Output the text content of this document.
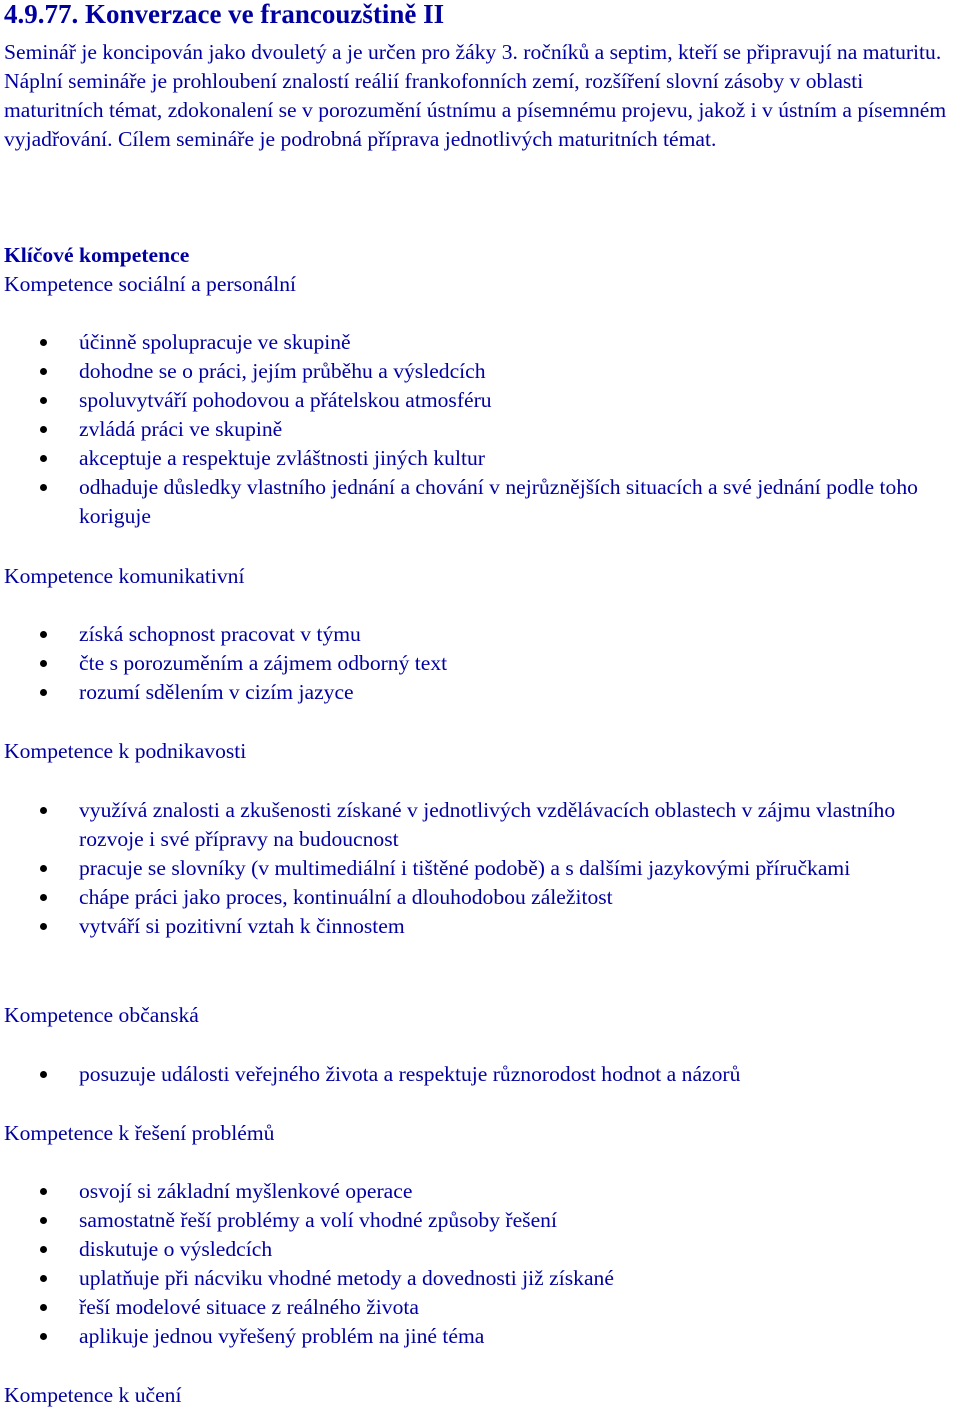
4.9.77. Konverzace ve francouzštině II

Seminář je koncipován jako dvouletý a je určen pro žáky 3. ročníků a septim, kteří se připravují na maturitu.

Náplní semináře je prohloubení znalostí reálií frankofonních zemí, rozšíření slovní zásoby v oblasti maturitních témat, zdokonalení se v porozumění ústnímu a písemnému projevu, jakož i v ústním a písemném vyjadřování. Cílem semináře je podrobná příprava jednotlivých maturitních témat.

Klíčové kompetence
Kompetence sociální a personální
účinně spolupracuje ve skupině
dohodne se o práci, jejím průběhu a výsledcích
spoluvytváří pohodovou a přátelskou atmosféru
zvládá práci ve skupině
akceptuje a respektuje zvláštnosti jiných kultur
odhaduje důsledky vlastního jednání a chování v nejrůznějších situacích a své jednání podle toho koriguje
Kompetence komunikativní
získá schopnost pracovat v týmu
čte s porozuměním a zájmem odborný text
rozumí sdělením v cizím jazyce
Kompetence k podnikavosti
využívá znalosti a zkušenosti získané v jednotlivých vzdělávacích oblastech v zájmu vlastního rozvoje i své přípravy na budoucnost
pracuje se slovníky (v multimediální i tištěné podobě) a s dalšími jazykovými příručkami
chápe práci jako proces, kontinuální a dlouhodobou záležitost
vytváří si pozitivní vztah k činnostem
Kompetence občanská
posuzuje události veřejného života a respektuje různorodost hodnot a názorů
Kompetence k řešení problémů
osvojí si základní myšlenkové operace
samostatně řeší problémy a volí vhodné způsoby řešení
diskutuje o výsledcích
uplatňuje při nácviku vhodné metody a dovednosti již získané
řeší modelové situace z reálného života
aplikuje jednou vyřešený problém na jiné téma
Kompetence k učení
